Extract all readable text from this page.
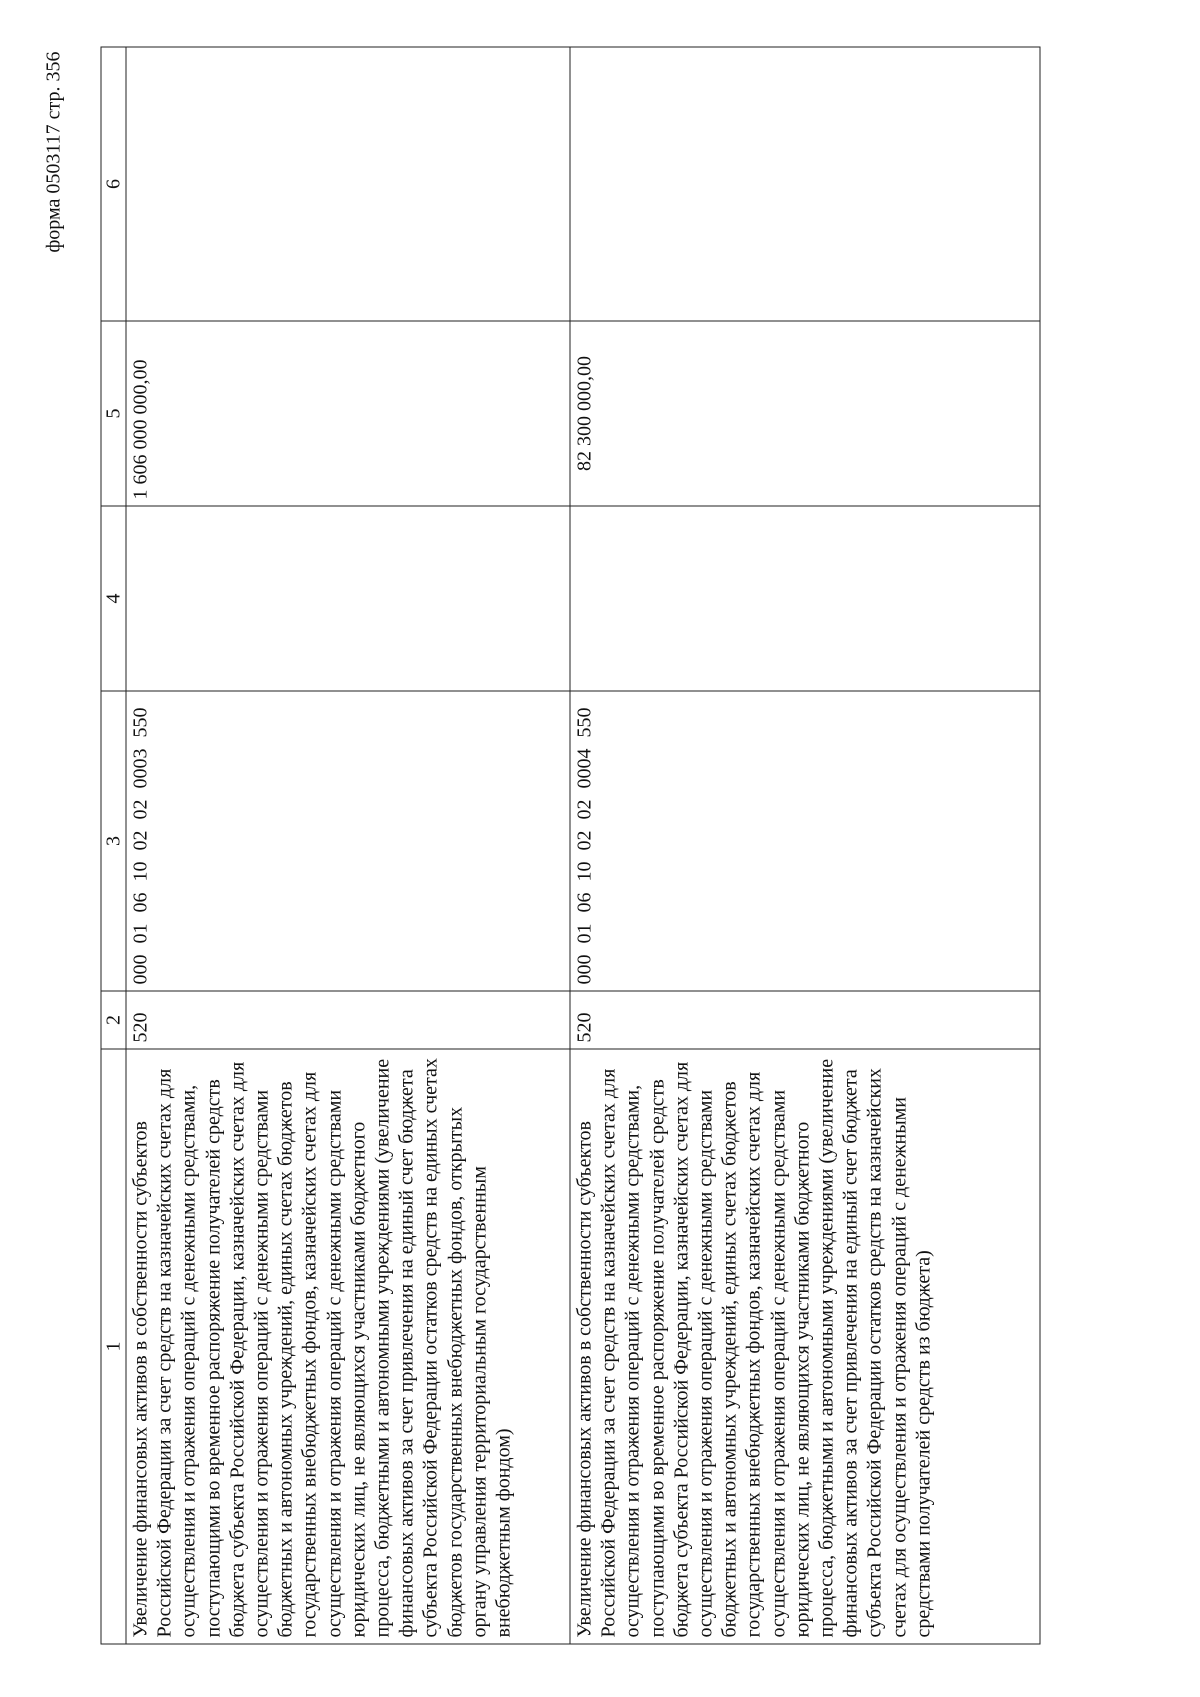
форма 0503117 стр. 356
1	2	3	4	5	6
Увеличение финансовых активов в собственности субъектов Российской Федерации за счет средств на казначейских счетах для осуществления и отражения операций с денежными средствами, поступающими во временное распоряжение получателей средств бюджета субъекта Российской Федерации, казначейских счетах для осуществления и отражения операций с денежными средствами бюджетных и автономных учреждений, единых счетах бюджетов государственных внебюджетных фондов, казначейских счетах для осуществления и отражения операций с денежными средствами юридических лиц, не являющихся участниками бюджетного процесса, бюджетными и автономными учреждениями (увеличение финансовых активов за счет привлечения на единый счет бюджета субъекта Российской Федерации остатков средств на единых счетах бюджетов государственных внебюджетных фондов, открытых органу управления территориальным государственным внебюджетным фондом)	520	000 01 06 10 02 02 0003 550		1 606 000 000,00	
Увеличение финансовых активов в собственности субъектов Российской Федерации за счет средств на казначейских счетах для осуществления и отражения операций с денежными средствами, поступающими во временное распоряжение получателей средств бюджета субъекта Российской Федерации, казначейских счетах для осуществления и отражения операций с денежными средствами бюджетных и автономных учреждений, единых счетах бюджетов государственных внебюджетных фондов, казначейских счетах для осуществления и отражения операций с денежными средствами юридических лиц, не являющихся участниками бюджетного процесса, бюджетными и автономными учреждениями (увеличение финансовых активов за счет привлечения на единый счет бюджета субъекта Российской Федерации остатков средств на казначейских счетах для осуществления и отражения операций с денежными средствами получателей средств из бюджета)	520	000 01 06 10 02 02 0004 550		82 300 000,00	
